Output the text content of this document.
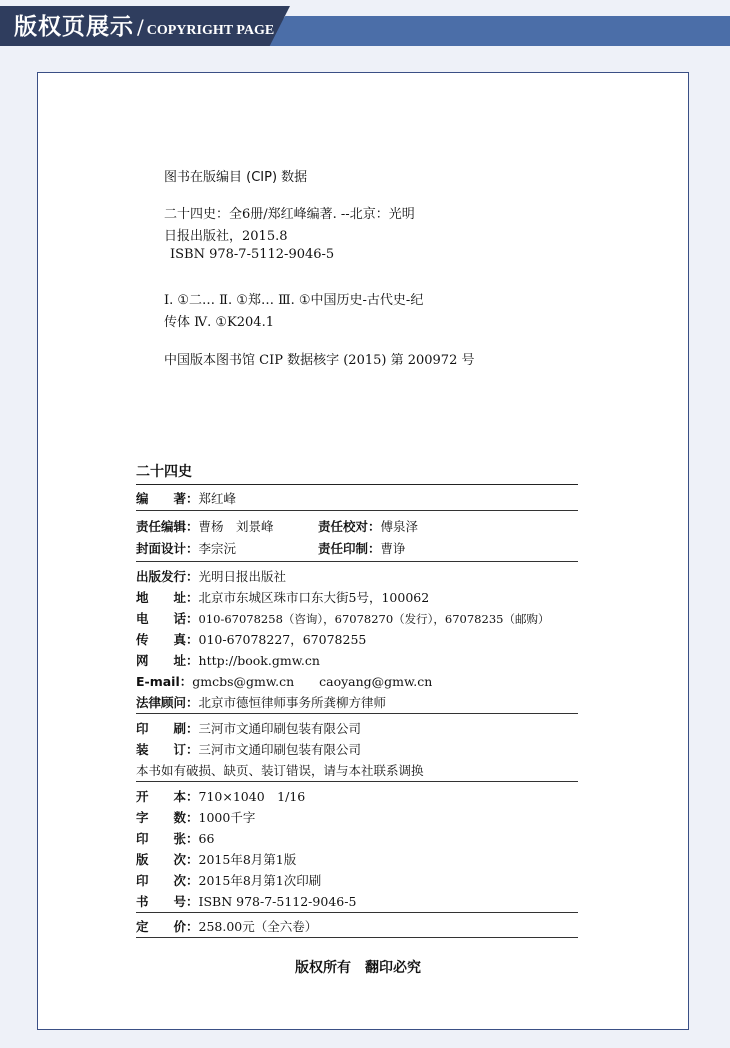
版权页展示 / COPYRIGHT PAGE
图书在版编目 (CIP) 数据
二十四史：全6册/郑红峰编著. --北京：光明
日报出版社，2015.8
ISBN 978-7-5112-9046-5
Ⅰ. ①二… Ⅱ. ①郑… Ⅲ. ①中国历史-古代史-纪
传体 Ⅳ. ①K204.1
中国版本图书馆 CIP 数据核字 (2015) 第 200972 号
二十四史
编　　著：郑红峰
责任编辑：曹杨　刘景峰	责任校对：傅泉泽
封面设计：李宗沅	责任印制：曹诤
出版发行：光明日报出版社
地　　址：北京市东城区珠市口东大街5号，100062
电　　话：010-67078258（咨询），67078270（发行），67078235（邮购）
传　　真：010-67078227，67078255
网　　址：http://book.gmw.cn
E-mail：gmcbs@gmw.cn　　caoyang@gmw.cn
法律顾问：北京市德恒律师事务所龚柳方律师
印　　刷：三河市文通印刷包装有限公司
装　　订：三河市文通印刷包装有限公司
本书如有破损、缺页、装订错误，请与本社联系调换
开　　本：710×1040　1/16
字　　数：1000千字
印　　张：66
版　　次：2015年8月第1版
印　　次：2015年8月第1次印刷
书　　号：ISBN 978-7-5112-9046-5
定　　价：258.00元（全六卷）
版权所有　翻印必究
